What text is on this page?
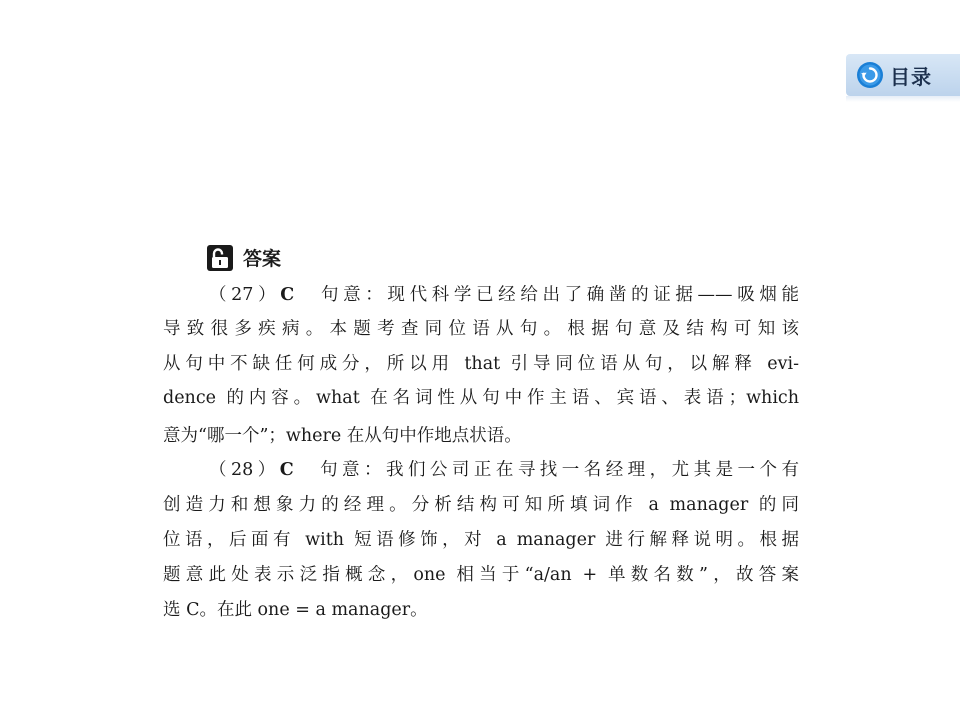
目录
答案
（27）C　句意：现代科学已经给出了确凿的证据——吸烟能
导致很多疾病。本题考查同位语从句。根据句意及结构可知该
从句中不缺任何成分，所以用 that 引导同位语从句，以解释 evi-
dence 的内容。what 在名词性从句中作主语、宾语、表语；which
意为“哪一个”；where 在从句中作地点状语。
（28）C　句意：我们公司正在寻找一名经理，尤其是一个有
创造力和想象力的经理。分析结构可知所填词作 a manager 的同
位语，后面有 with 短语修饰，对 a manager 进行解释说明。根据
题意此处表示泛指概念，one 相当于“a/an + 单数名数”，故答案
选 C。在此 one = a manager。
